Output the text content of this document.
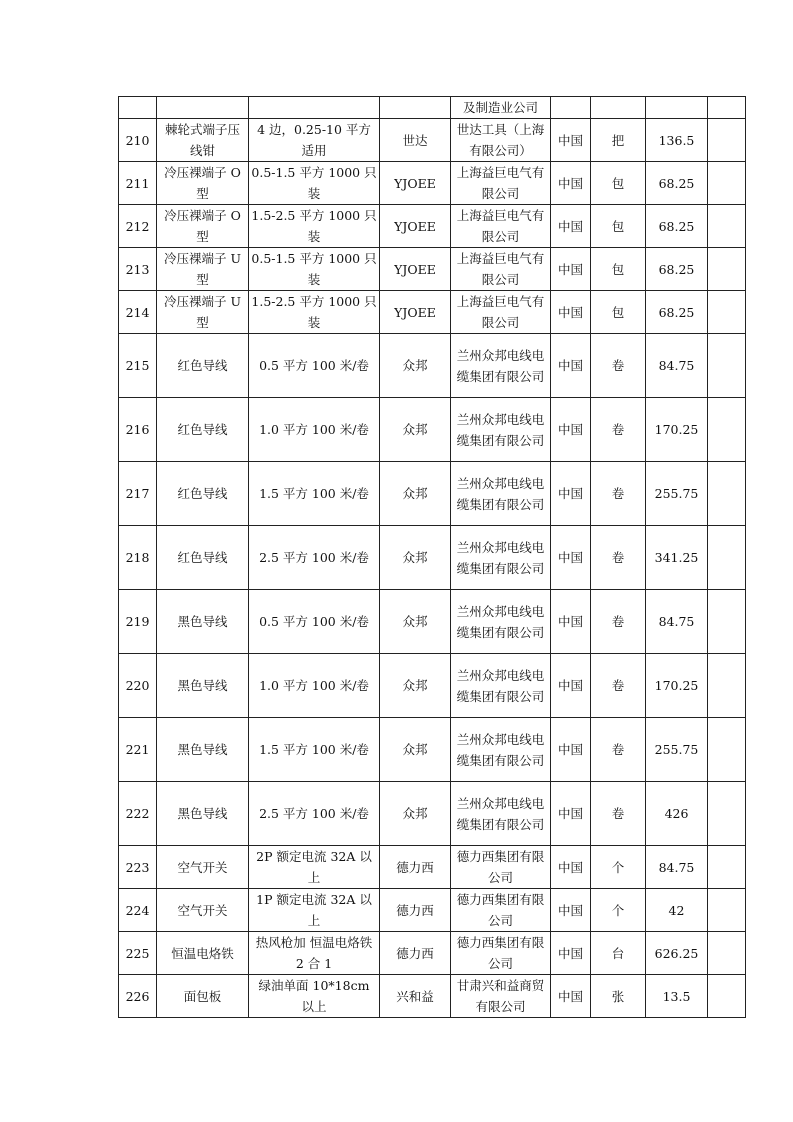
				及制造业公司				
210	棘轮式端子压线钳	4 边，0.25-10 平方适用	世达	世达工具（上海有限公司）	中国	把	136.5	
211	冷压裸端子 O 型	0.5-1.5 平方 1000 只装	YJOEE	上海益巨电气有限公司	中国	包	68.25	
212	冷压裸端子 O 型	1.5-2.5 平方 1000 只装	YJOEE	上海益巨电气有限公司	中国	包	68.25	
213	冷压裸端子 U 型	0.5-1.5 平方 1000 只装	YJOEE	上海益巨电气有限公司	中国	包	68.25	
214	冷压裸端子 U 型	1.5-2.5 平方 1000 只装	YJOEE	上海益巨电气有限公司	中国	包	68.25	
215	红色导线	0.5 平方 100 米/卷	众邦	兰州众邦电线电缆集团有限公司	中国	卷	84.75	
216	红色导线	1.0 平方 100 米/卷	众邦	兰州众邦电线电缆集团有限公司	中国	卷	170.25	
217	红色导线	1.5 平方 100 米/卷	众邦	兰州众邦电线电缆集团有限公司	中国	卷	255.75	
218	红色导线	2.5 平方 100 米/卷	众邦	兰州众邦电线电缆集团有限公司	中国	卷	341.25	
219	黑色导线	0.5 平方 100 米/卷	众邦	兰州众邦电线电缆集团有限公司	中国	卷	84.75	
220	黑色导线	1.0 平方 100 米/卷	众邦	兰州众邦电线电缆集团有限公司	中国	卷	170.25	
221	黑色导线	1.5 平方 100 米/卷	众邦	兰州众邦电线电缆集团有限公司	中国	卷	255.75	
222	黑色导线	2.5 平方 100 米/卷	众邦	兰州众邦电线电缆集团有限公司	中国	卷	426	
223	空气开关	2P 额定电流 32A 以上	德力西	德力西集团有限公司	中国	个	84.75	
224	空气开关	1P 额定电流 32A 以上	德力西	德力西集团有限公司	中国	个	42	
225	恒温电烙铁	热风枪加 恒温电烙铁 2 合 1	德力西	德力西集团有限公司	中国	台	626.25	
226	面包板	绿油单面 10*18cm 以上	兴和益	甘肃兴和益商贸有限公司	中国	张	13.5	
